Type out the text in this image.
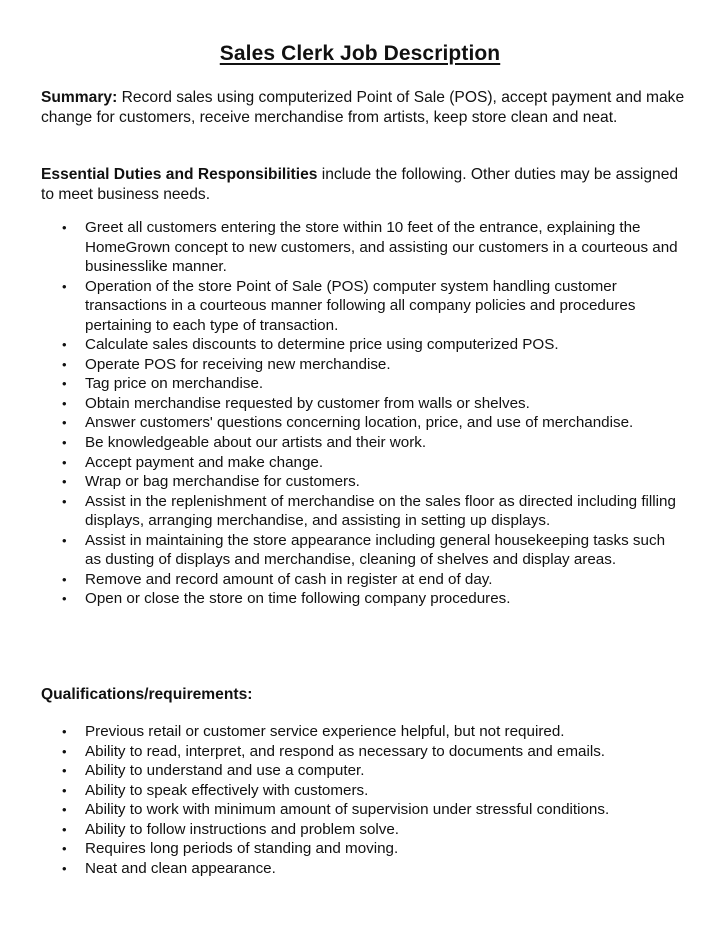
Sales Clerk Job Description

Summary: Record sales using computerized Point of Sale (POS), accept payment and make change for customers, receive merchandise from artists, keep store clean and neat.

Essential Duties and Responsibilities include the following. Other duties may be assigned to meet business needs.

• Greet all customers entering the store within 10 feet of the entrance, explaining the HomeGrown concept to new customers, and assisting our customers in a courteous and businesslike manner.
• Operation of the store Point of Sale (POS) computer system handling customer transactions in a courteous manner following all company policies and procedures pertaining to each type of transaction.
• Calculate sales discounts to determine price using computerized POS.
• Operate POS for receiving new merchandise.
• Tag price on merchandise.
• Obtain merchandise requested by customer from walls or shelves.
• Answer customers' questions concerning location, price, and use of merchandise.
• Be knowledgeable about our artists and their work.
• Accept payment and make change.
• Wrap or bag merchandise for customers.
• Assist in the replenishment of merchandise on the sales floor as directed including filling displays, arranging merchandise, and assisting in setting up displays.
• Assist in maintaining the store appearance including general housekeeping tasks such as dusting of displays and merchandise, cleaning of shelves and display areas.
• Remove and record amount of cash in register at end of day.
• Open or close the store on time following company procedures.
Qualifications/requirements:
• Previous retail or customer service experience helpful, but not required.
• Ability to read, interpret, and respond as necessary to documents and emails.
• Ability to understand and use a computer.
• Ability to speak effectively with customers.
• Ability to work with minimum amount of supervision under stressful conditions.
• Ability to follow instructions and problem solve.
• Requires long periods of standing and moving.
• Neat and clean appearance.
